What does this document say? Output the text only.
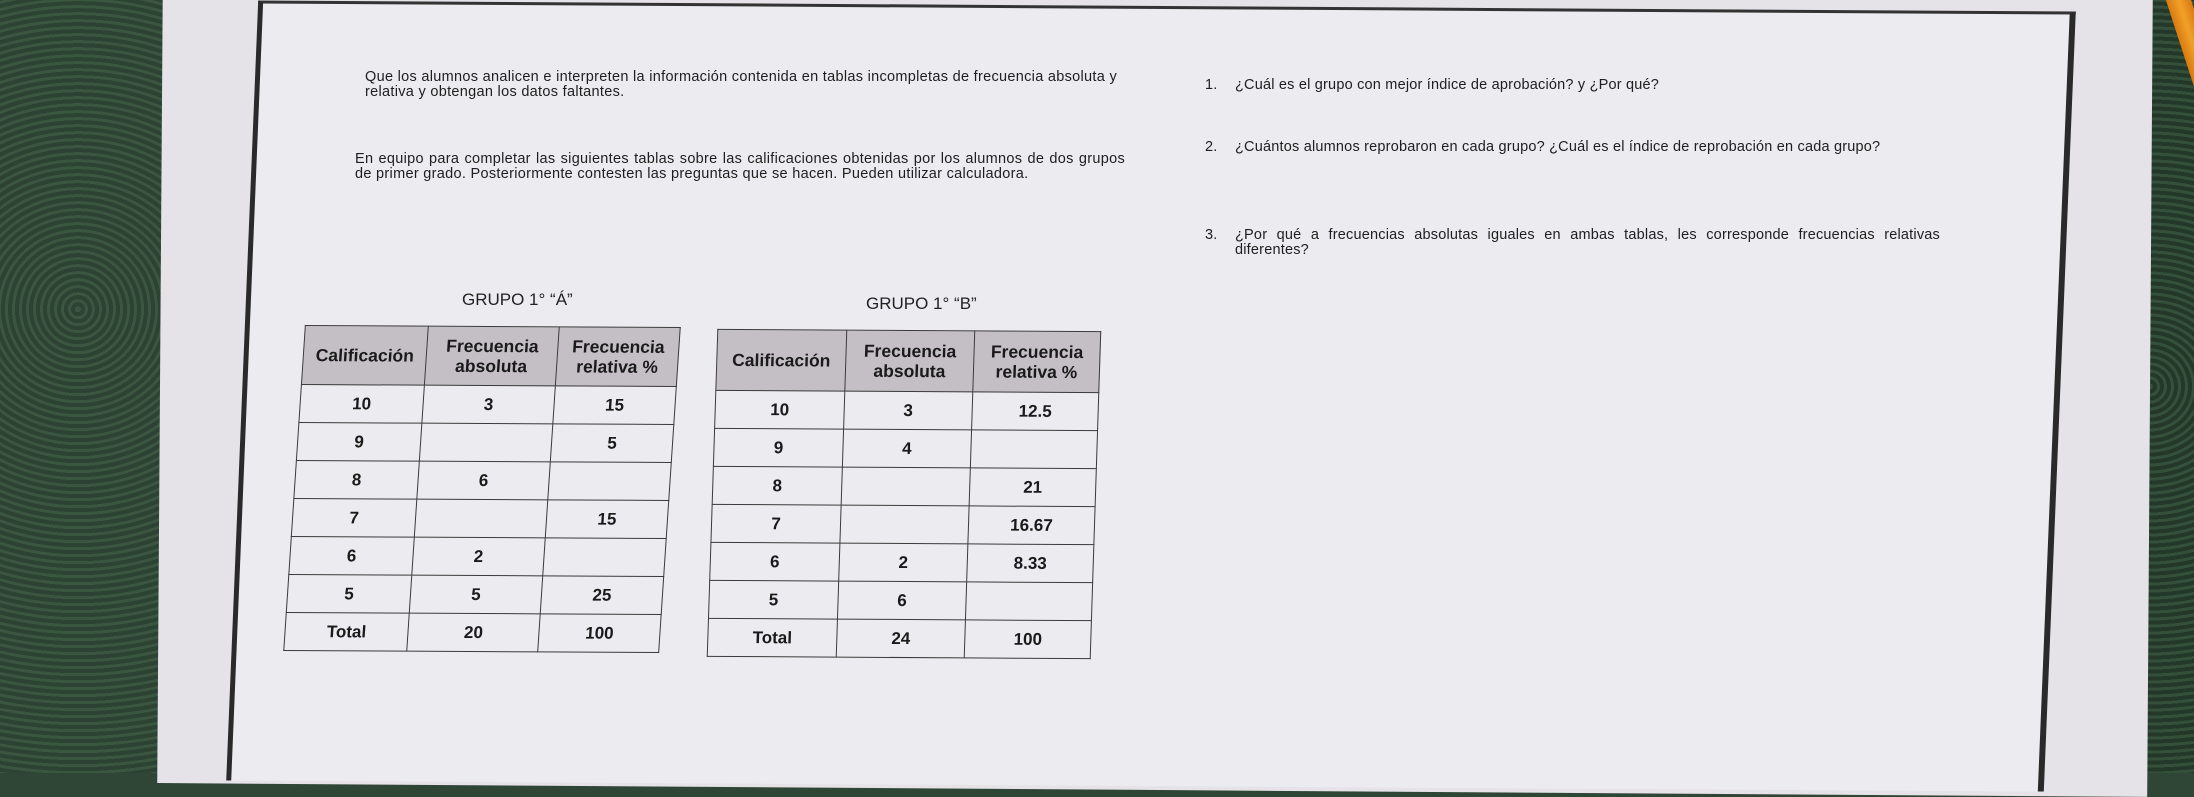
Que los alumnos analicen e interpreten la información contenida en tablas incompletas de frecuencia absoluta y relativa y obtengan los datos faltantes.
En equipo para completar las siguientes tablas sobre las calificaciones obtenidas por los alumnos de dos grupos de primer grado. Posteriormente contesten las preguntas que se hacen. Pueden utilizar calculadora.
1. ¿Cuál es el grupo con mejor índice de aprobación? y ¿Por qué?
2. ¿Cuántos alumnos reprobaron en cada grupo? ¿Cuál es el índice de reprobación en cada grupo?
3. ¿Por qué a frecuencias absolutas iguales en ambas tablas, les corresponde frecuencias relativas diferentes?
GRUPO 1° “Á”	GRUPO 1° “B”
Calificación	Frecuencia absoluta	Frecuencia relativa %
10	3	15
9		5
8	6	
7		15
6	2	
5	5	25
Total	20	100
Calificación	Frecuencia absoluta	Frecuencia relativa %
10	3	12.5
9	4	
8		21
7		16.67
6	2	8.33
5	6	
Total	24	100
